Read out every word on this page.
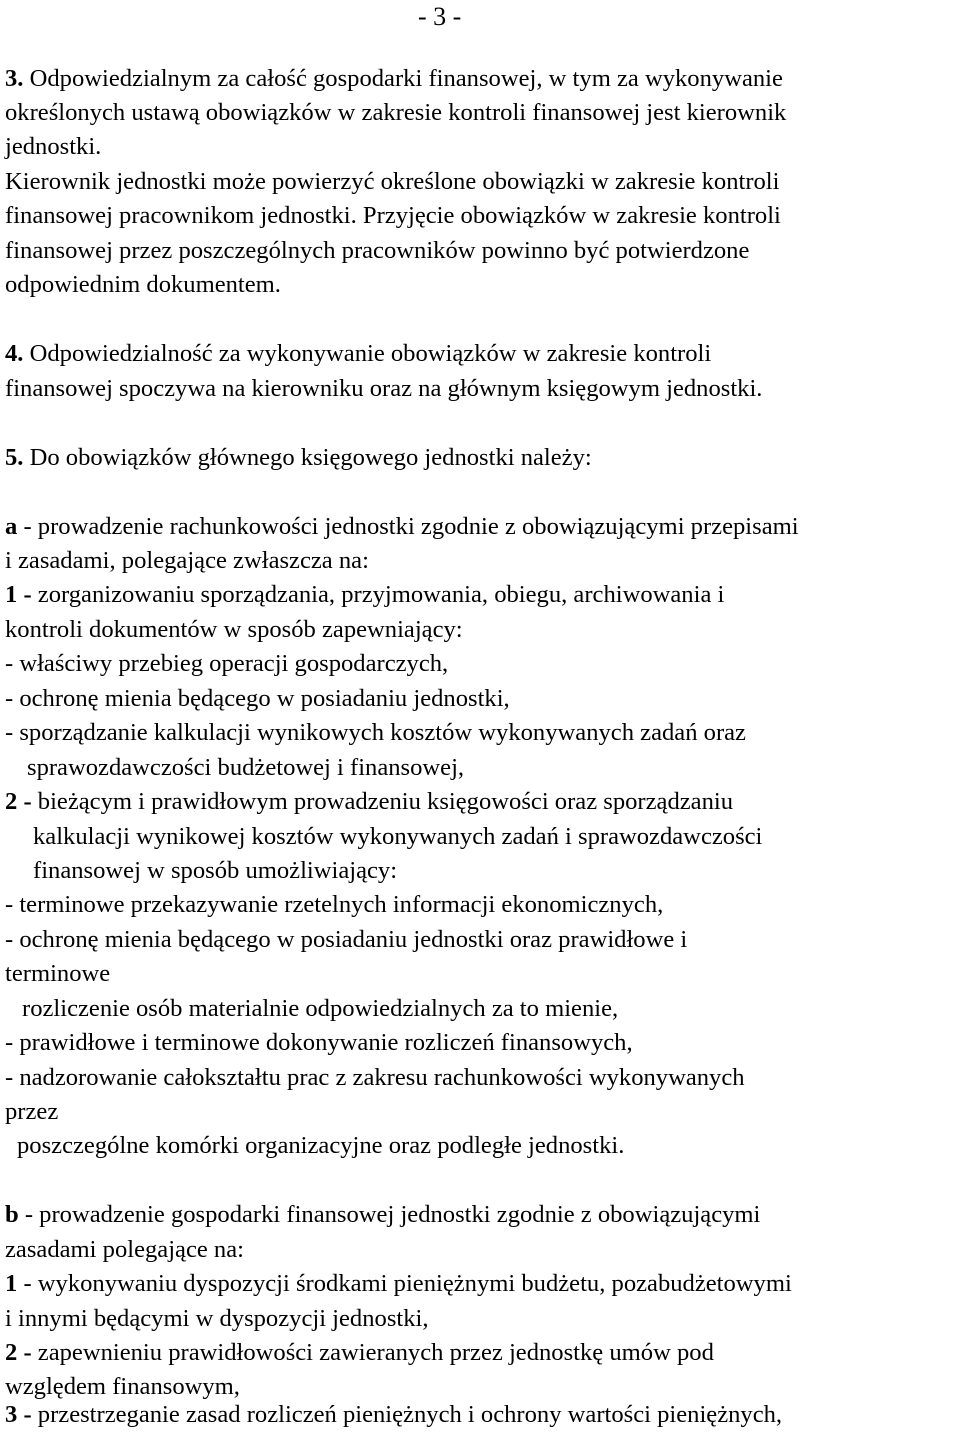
- 3 -
3. Odpowiedzialnym za całość gospodarki finansowej, w tym za wykonywanie
określonych ustawą obowiązków w zakresie kontroli finansowej jest kierownik
jednostki.
Kierownik jednostki może powierzyć określone obowiązki w zakresie kontroli
finansowej pracownikom jednostki. Przyjęcie obowiązków w zakresie kontroli
finansowej przez poszczególnych pracowników powinno być potwierdzone
odpowiednim dokumentem.
4. Odpowiedzialność za wykonywanie obowiązków w zakresie kontroli
finansowej spoczywa na kierowniku oraz na głównym księgowym jednostki.
5. Do obowiązków głównego księgowego jednostki należy:
a - prowadzenie rachunkowości jednostki zgodnie z obowiązującymi przepisami
i zasadami, polegające zwłaszcza na:
1 - zorganizowaniu sporządzania, przyjmowania, obiegu, archiwowania i
kontroli dokumentów w sposób zapewniający:
- właściwy przebieg operacji gospodarczych,
- ochronę mienia będącego w posiadaniu jednostki,
- sporządzanie kalkulacji wynikowych kosztów wykonywanych zadań oraz
sprawozdawczości budżetowej i finansowej,
2 - bieżącym i prawidłowym prowadzeniu księgowości oraz sporządzaniu
kalkulacji wynikowej kosztów wykonywanych zadań i sprawozdawczości
finansowej w sposób umożliwiający:
- terminowe przekazywanie rzetelnych informacji ekonomicznych,
- ochronę mienia będącego w posiadaniu jednostki oraz prawidłowe i
terminowe
rozliczenie osób materialnie odpowiedzialnych za to mienie,
- prawidłowe i terminowe dokonywanie rozliczeń finansowych,
- nadzorowanie całokształtu prac z zakresu rachunkowości wykonywanych
przez
poszczególne komórki organizacyjne oraz podległe jednostki.
b - prowadzenie gospodarki finansowej jednostki zgodnie z obowiązującymi
zasadami polegające na:
1 - wykonywaniu dyspozycji środkami pieniężnymi budżetu, pozabudżetowymi
i innymi będącymi w dyspozycji jednostki,
2 - zapewnieniu prawidłowości zawieranych przez jednostkę umów pod
względem finansowym,
3 - przestrzeganie zasad rozliczeń pieniężnych i ochrony wartości pieniężnych,
